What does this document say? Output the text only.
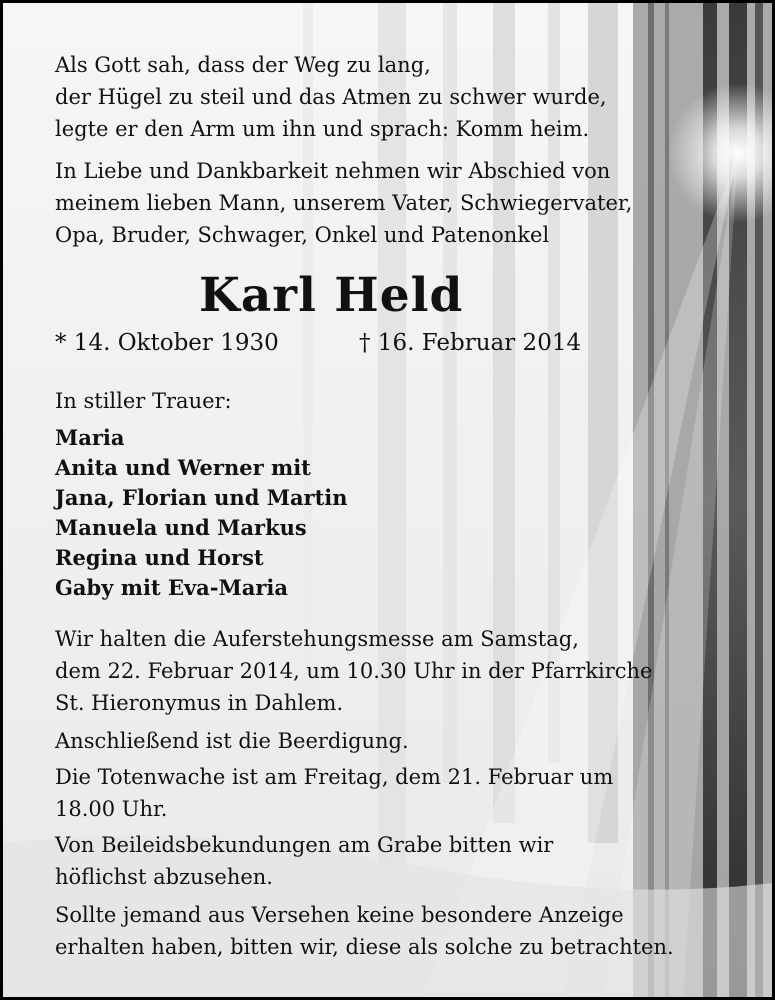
Als Gott sah, dass der Weg zu lang,
der Hügel zu steil und das Atmen zu schwer wurde,
legte er den Arm um ihn und sprach: Komm heim.

In Liebe und Dankbarkeit nehmen wir Abschied von
meinem lieben Mann, unserem Vater, Schwiegervater,
Opa, Bruder, Schwager, Onkel und Patenonkel

Karl Held
* 14. Oktober 1930	† 16. Februar 2014

In stiller Trauer:

Maria
Anita und Werner mit
Jana, Florian und Martin
Manuela und Markus
Regina und Horst
Gaby mit Eva-Maria

Wir halten die Auferstehungsmesse am Samstag,
dem 22. Februar 2014, um 10.30 Uhr in der Pfarrkirche
St. Hieronymus in Dahlem.

Anschließend ist die Beerdigung.

Die Totenwache ist am Freitag, dem 21. Februar um
18.00 Uhr.

Von Beileidsbekundungen am Grabe bitten wir
höflichst abzusehen.

Sollte jemand aus Versehen keine besondere Anzeige
erhalten haben, bitten wir, diese als solche zu betrachten.
